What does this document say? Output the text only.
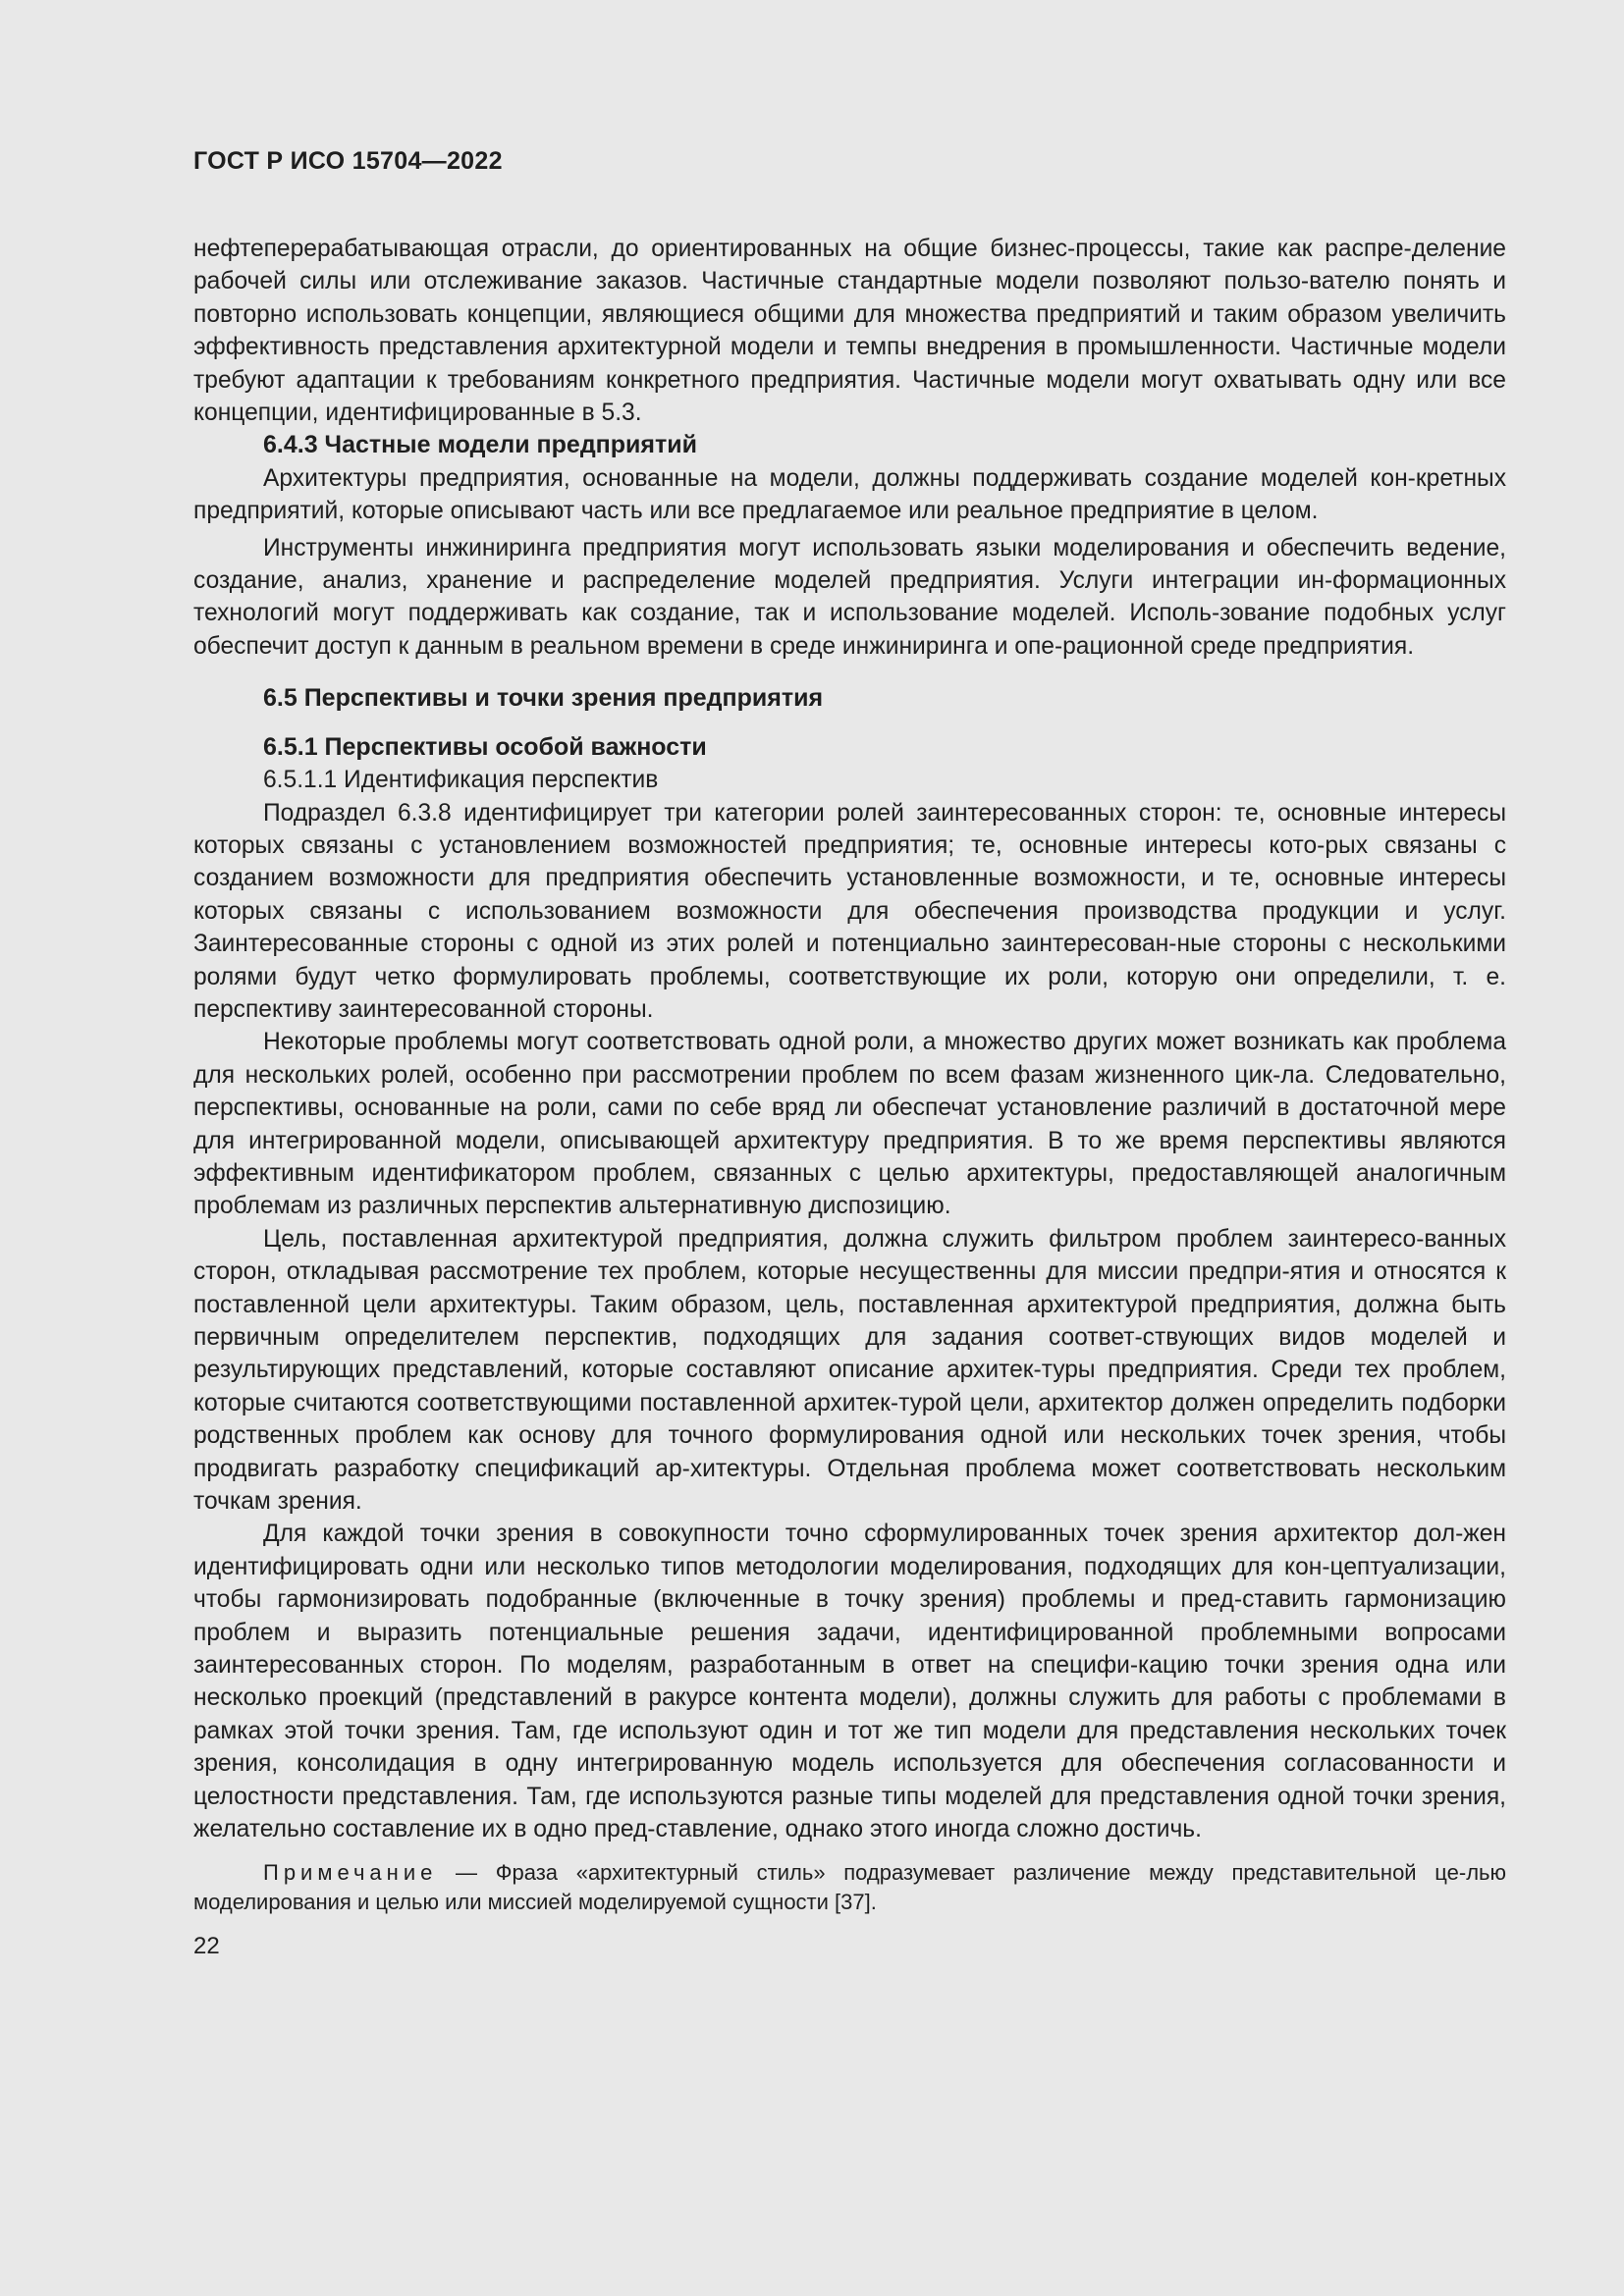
ГОСТ Р ИСО 15704—2022

нефтеперерабатывающая отрасли, до ориентированных на общие бизнес-процессы, такие как распре-деление рабочей силы или отслеживание заказов. Частичные стандартные модели позволяют пользо-вателю понять и повторно использовать концепции, являющиеся общими для множества предприятий и таким образом увеличить эффективность представления архитектурной модели и темпы внедрения в промышленности. Частичные модели требуют адаптации к требованиям конкретного предприятия. Частичные модели могут охватывать одну или все концепции, идентифицированные в 5.3.

6.4.3 Частные модели предприятий

Архитектуры предприятия, основанные на модели, должны поддерживать создание моделей кон-кретных предприятий, которые описывают часть или все предлагаемое или реальное предприятие в целом.

Инструменты инжиниринга предприятия могут использовать языки моделирования и обеспечить ведение, создание, анализ, хранение и распределение моделей предприятия. Услуги интеграции ин-формационных технологий могут поддерживать как создание, так и использование моделей. Исполь-зование подобных услуг обеспечит доступ к данным в реальном времени в среде инжиниринга и опе-рационной среде предприятия.

6.5 Перспективы и точки зрения предприятия
6.5.1 Перспективы особой важности
6.5.1.1 Идентификация перспектив

Подраздел 6.3.8 идентифицирует три категории ролей заинтересованных сторон: те, основные интересы которых связаны с установлением возможностей предприятия; те, основные интересы кото-рых связаны с созданием возможности для предприятия обеспечить установленные возможности, и те, основные интересы которых связаны с использованием возможности для обеспечения производства продукции и услуг. Заинтересованные стороны с одной из этих ролей и потенциально заинтересован-ные стороны с несколькими ролями будут четко формулировать проблемы, соответствующие их роли, которую они определили, т. е. перспективу заинтересованной стороны.

Некоторые проблемы могут соответствовать одной роли, а множество других может возникать как проблема для нескольких ролей, особенно при рассмотрении проблем по всем фазам жизненного цик-ла. Следовательно, перспективы, основанные на роли, сами по себе вряд ли обеспечат установление различий в достаточной мере для интегрированной модели, описывающей архитектуру предприятия. В то же время перспективы являются эффективным идентификатором проблем, связанных с целью архитектуры, предоставляющей аналогичным проблемам из различных перспектив альтернативную диспозицию.

Цель, поставленная архитектурой предприятия, должна служить фильтром проблем заинтересо-ванных сторон, откладывая рассмотрение тех проблем, которые несущественны для миссии предпри-ятия и относятся к поставленной цели архитектуры. Таким образом, цель, поставленная архитектурой предприятия, должна быть первичным определителем перспектив, подходящих для задания соответ-ствующих видов моделей и результирующих представлений, которые составляют описание архитек-туры предприятия. Среди тех проблем, которые считаются соответствующими поставленной архитек-турой цели, архитектор должен определить подборки родственных проблем как основу для точного формулирования одной или нескольких точек зрения, чтобы продвигать разработку спецификаций ар-хитектуры. Отдельная проблема может соответствовать нескольким точкам зрения.

Для каждой точки зрения в совокупности точно сформулированных точек зрения архитектор дол-жен идентифицировать одни или несколько типов методологии моделирования, подходящих для кон-цептуализации, чтобы гармонизировать подобранные (включенные в точку зрения) проблемы и пред-ставить гармонизацию проблем и выразить потенциальные решения задачи, идентифицированной проблемными вопросами заинтересованных сторон. По моделям, разработанным в ответ на специфи-кацию точки зрения одна или несколько проекций (представлений в ракурсе контента модели), должны служить для работы с проблемами в рамках этой точки зрения. Там, где используют один и тот же тип модели для представления нескольких точек зрения, консолидация в одну интегрированную модель используется для обеспечения согласованности и целостности представления. Там, где используются разные типы моделей для представления одной точки зрения, желательно составление их в одно пред-ставление, однако этого иногда сложно достичь.

Примечание — Фраза «архитектурный стиль» подразумевает различение между представительной це-лью моделирования и целью или миссией моделируемой сущности [37].
22
